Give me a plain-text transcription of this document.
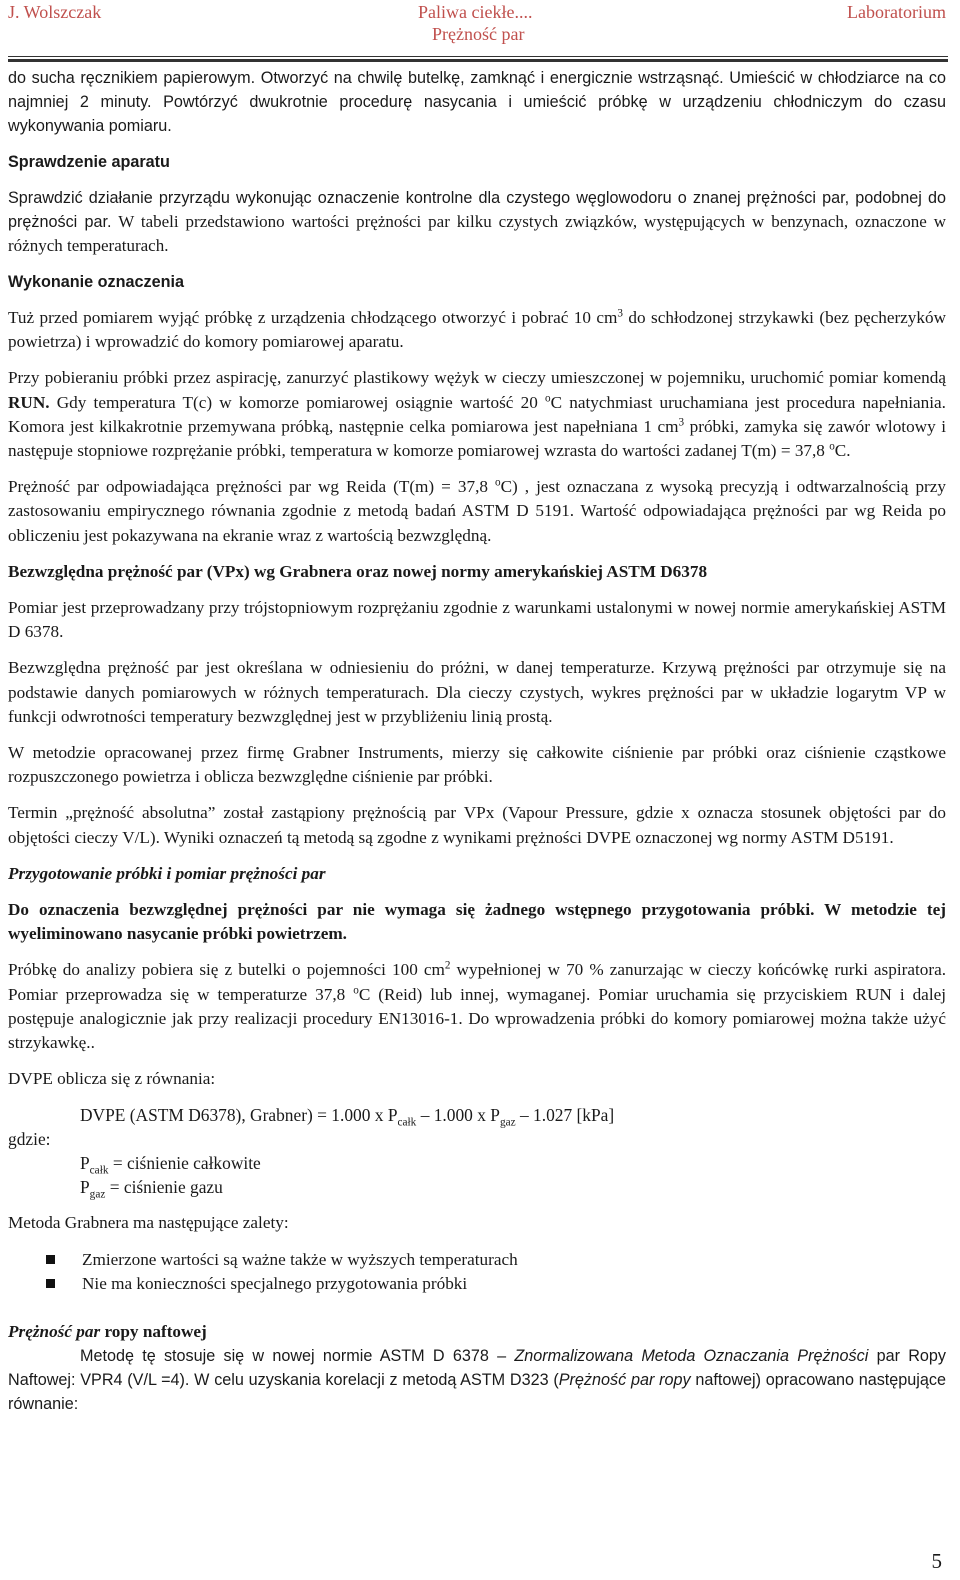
J. Wolszczak	Paliwa ciekłe....
Prężność par
Laboratorium

do sucha ręcznikiem papierowym. Otworzyć na chwilę butelkę, zamknąć i energicznie wstrząsnąć. Umieścić w chłodziarce na co najmniej 2 minuty. Powtórzyć dwukrotnie procedurę nasycania i umieścić próbkę w urządzeniu chłodniczym do czasu wykonywania pomiaru.

Sprawdzenie aparatu

Sprawdzić działanie przyrządu wykonując oznaczenie kontrolne dla czystego węglowodoru o znanej prężności par, podobnej do prężności par. W tabeli przedstawiono wartości prężności par kilku czystych związków, występujących w benzynach, oznaczone w różnych temperaturach.

Wykonanie oznaczenia

Tuż przed pomiarem wyjąć próbkę z urządzenia chłodzącego otworzyć i pobrać 10 $cm^3$ do schłodzonej strzykawki (bez pęcherzyków powietrza) i wprowadzić do komory pomiarowej aparatu.

Przy pobieraniu próbki przez aspirację, zanurzyć plastikowy wężyk w cieczy umieszczonej w pojemniku, uruchomić pomiar komendą RUN. Gdy temperatura T(c) w komorze pomiarowej osiągnie wartość 20 $^o$C natychmiast uruchamiana jest procedura napełniania. Komora jest kilkakrotnie przemywana próbką, następnie celka pomiarowa jest napełniana 1 $cm^3$ próbki, zamyka się zawór wlotowy i następuje stopniowe rozprężanie próbki, temperatura w komorze pomiarowej wzrasta do wartości zadanej T(m) = 37,8 $^o$C.

Prężność par odpowiadająca prężności par wg Reida (T(m) = 37,8 $^o$C) , jest oznaczana z wysoką precyzją i odtwarzalnością przy zastosowaniu empirycznego równania zgodnie z metodą badań ASTM D 5191. Wartość odpowiadająca prężności par wg Reida po obliczeniu jest pokazywana na ekranie wraz z wartością bezwzględną.

Bezwzględna prężność par (VPx) wg Grabnera oraz nowej normy amerykańskiej ASTM D6378

Pomiar jest przeprowadzany przy trójstopniowym rozprężaniu zgodnie z warunkami ustalonymi w nowej normie amerykańskiej ASTM D 6378.

Bezwzględna prężność par jest określana w odniesieniu do próżni, w danej temperaturze. Krzywą prężności par otrzymuje się na podstawie danych pomiarowych w różnych temperaturach. Dla cieczy czystych, wykres prężności par w układzie logarytm VP w funkcji odwrotności temperatury bezwzględnej jest w przybliżeniu linią prostą.

W metodzie opracowanej przez firmę Grabner Instruments, mierzy się całkowite ciśnienie par próbki oraz ciśnienie cząstkowe rozpuszczonego powietrza i oblicza bezwzględne ciśnienie par próbki.

Termin „prężność absolutna” został zastąpiony prężnością par VPx (Vapour Pressure, gdzie x oznacza stosunek objętości par do objętości cieczy V/L). Wyniki oznaczeń tą metodą są zgodne z wynikami prężności DVPE oznaczonej wg normy ASTM D5191.

Przygotowanie próbki i pomiar prężności par

Do oznaczenia bezwzględnej prężności par nie wymaga się żadnego wstępnego przygotowania próbki. W metodzie tej wyeliminowano nasycanie próbki powietrzem.

Próbkę do analizy pobiera się z butelki o pojemności 100 $cm^2$ wypełnionej w 70 % zanurzając w cieczy końcówkę rurki aspiratora. Pomiar przeprowadza się w temperaturze 37,8 $^o$C (Reid) lub innej, wymaganej. Pomiar uruchamia się przyciskiem RUN i dalej postępuje analogicznie jak przy realizacji procedury EN13016-1. Do wprowadzenia próbki do komory pomiarowej można także użyć strzykawkę..

DVPE oblicza się z równania:

DVPE (ASTM D6378), Grabner) = 1.000 x $P_{całk} - 1.000$ x $P_{gaz} - 1.027$ [kPa]
gdzie:
$P_{całk}$ = ciśnienie całkowite
$P_{gaz}$ = ciśnienie gazu

Metoda Grabnera ma następujące zalety:

Zmierzone wartości są ważne także w wyższych temperaturach
Nie ma konieczności specjalnego przygotowania próbki

Prężność par ropy naftowej

Metodę tę stosuje się w nowej normie ASTM D 6378 – Znormalizowana Metoda Oznaczania Prężności par Ropy Naftowej: VPR4 (V/L =4). W celu uzyskania korelacji z metodą ASTM D323 (Prężność par ropy naftowej) opracowano następujące równanie:

5
